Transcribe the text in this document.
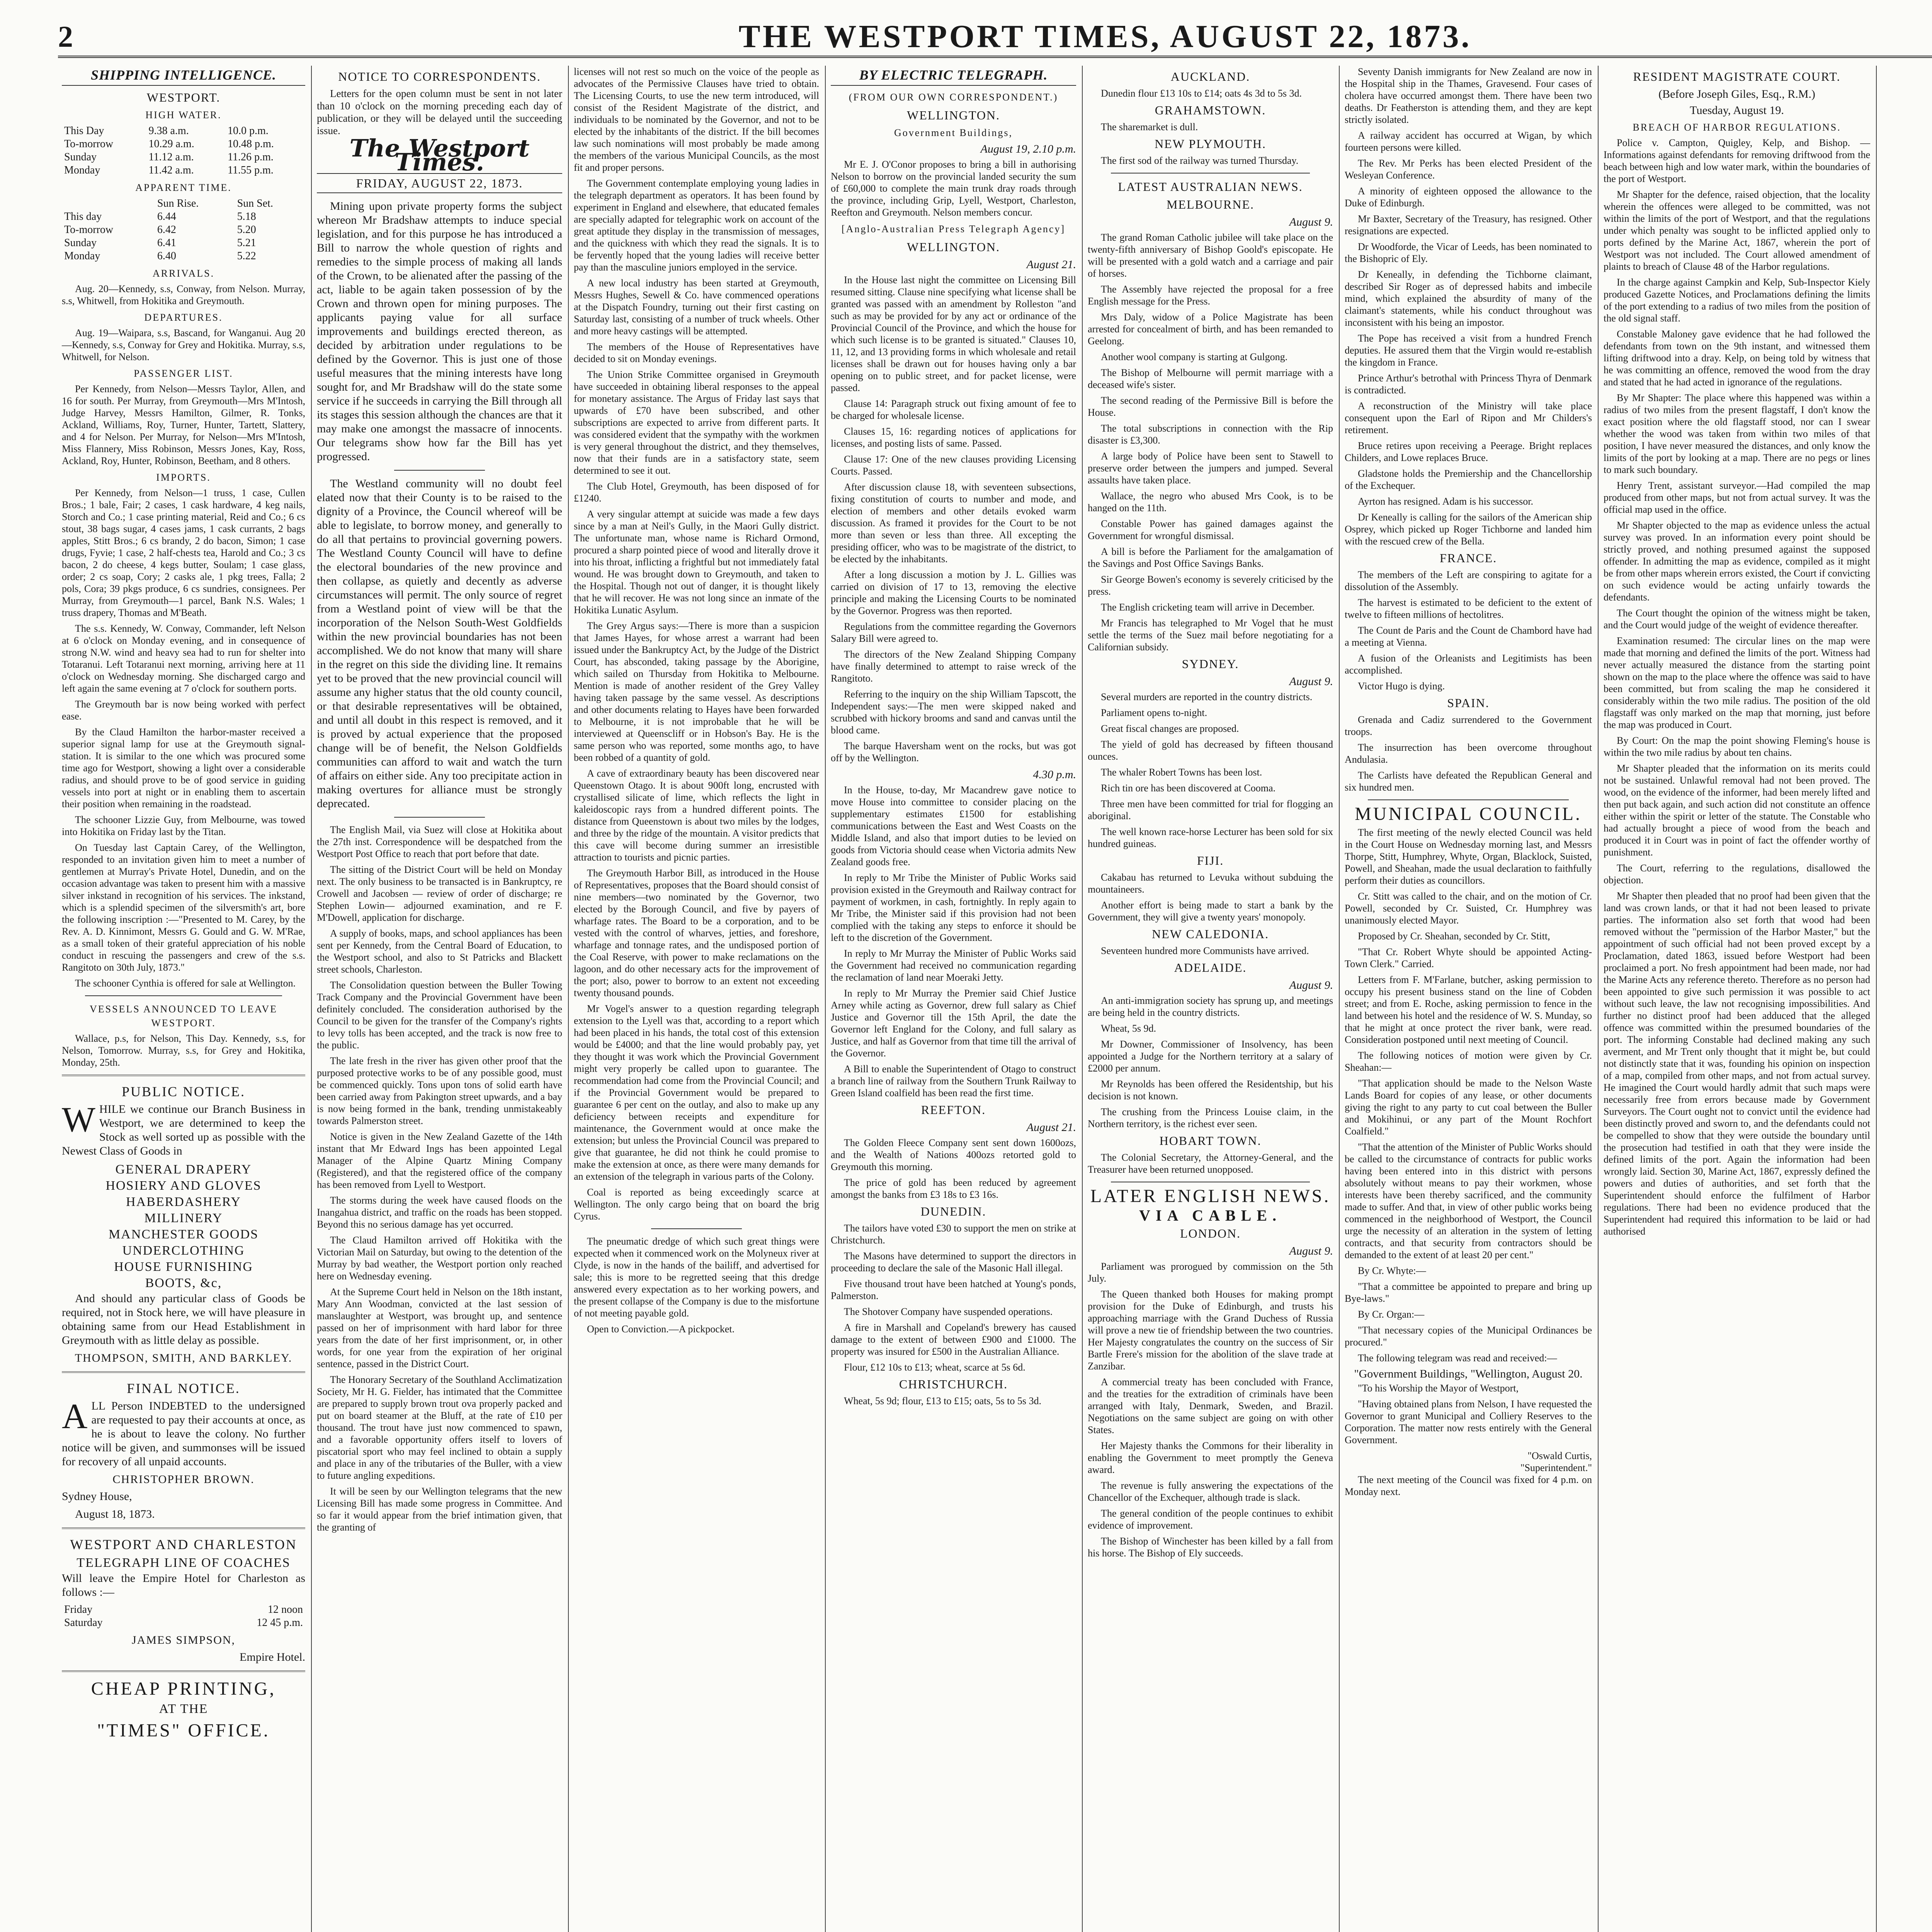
2	THE WESTPORT TIMES, AUGUST 22, 1873.
SHIPPING INTELLIGENCE.
WESTPORT.
HIGH WATER.
This Day	9.38 a.m.	10.0 p.m.
To-morrow	10.29 a.m.	10.48 p.m.
Sunday	11.12 a.m.	11.26 p.m.
Monday	11.42 a.m.	11.55 p.m.
APPARENT TIME.
	Sun Rise.	Sun Set.
This day	6.44	5.18
To-morrow	6.42	5.20
Sunday	6.41	5.21
Monday	6.40	5.22
ARRIVALS.

Aug. 20—Kennedy, s.s, Conway, from Nelson. Murray, s.s, Whitwell, from Hokitika and Greymouth.

DEPARTURES.

Aug. 19—Waipara, s.s, Bascand, for Wanganui. Aug 20—Kennedy, s.s, Conway for Grey and Hokitika. Murray, s.s, Whitwell, for Nelson.

PASSENGER LIST.

Per Kennedy, from Nelson—Messrs Taylor, Allen, and 16 for south. Per Murray, from Greymouth—Mrs M'Intosh, Judge Harvey, Messrs Hamilton, Gilmer, R. Tonks, Ackland, Williams, Roy, Turner, Hunter, Tartett, Slattery, and 4 for Nelson. Per Murray, for Nelson—Mrs M'Intosh, Miss Flannery, Miss Robinson, Messrs Jones, Kay, Ross, Ackland, Roy, Hunter, Robinson, Beetham, and 8 others.

IMPORTS.

Per Kennedy, from Nelson—1 truss, 1 case, Cullen Bros.; 1 bale, Fair; 2 cases, 1 cask hardware, 4 keg nails, Storch and Co.; 1 case printing material, Reid and Co.; 6 cs stout, 38 bags sugar, 4 cases jams, 1 cask currants, 2 bags apples, Stitt Bros.; 6 cs brandy, 2 do bacon, Simon; 1 case drugs, Fyvie; 1 case, 2 half-chests tea, Harold and Co.; 3 cs bacon, 2 do cheese, 4 kegs butter, Soulam; 1 case glass, order; 2 cs soap, Cory; 2 casks ale, 1 pkg trees, Falla; 2 pols, Cora; 39 pkgs produce, 6 cs sundries, consignees. Per Murray, from Greymouth—1 parcel, Bank N.S. Wales; 1 truss drapery, Thomas and M'Beath.

The s.s. Kennedy, W. Conway, Commander, left Nelson at 6 o'clock on Monday evening, and in consequence of strong N.W. wind and heavy sea had to run for shelter into Totaranui. Left Totaranui next morning, arriving here at 11 o'clock on Wednesday morning. She discharged cargo and left again the same evening at 7 o'clock for southern ports.

The Greymouth bar is now being worked with perfect ease.

By the Claud Hamilton the harbor-master received a superior signal lamp for use at the Greymouth signal-station. It is similar to the one which was procured some time ago for Westport, showing a light over a considerable radius, and should prove to be of good service in guiding vessels into port at night or in enabling them to ascertain their position when remaining in the roadstead.

The schooner Lizzie Guy, from Melbourne, was towed into Hokitika on Friday last by the Titan.

On Tuesday last Captain Carey, of the Wellington, responded to an invitation given him to meet a number of gentlemen at Murray's Private Hotel, Dunedin, and on the occasion advantage was taken to present him with a massive silver inkstand in recognition of his services. The inkstand, which is a splendid specimen of the silversmith's art, bore the following inscription :—"Presented to M. Carey, by the Rev. A. D. Kinnimont, Messrs G. Gould and G. W. M'Rae, as a small token of their grateful appreciation of his noble conduct in rescuing the passengers and crew of the s.s. Rangitoto on 30th July, 1873."

The schooner Cynthia is offered for sale at Wellington.

VESSELS ANNOUNCED TO LEAVE WESTPORT.

Wallace, p.s, for Nelson, This Day. Kennedy, s.s, for Nelson, Tomorrow. Murray, s.s, for Grey and Hokitika, Monday, 25th.

PUBLIC NOTICE.

WHILE we continue our Branch Business in Westport, we are determined to keep the Stock as well sorted up as possible with the Newest Class of Goods in

GENERAL DRAPERY
HOSIERY AND GLOVES
HABERDASHERY
MILLINERY
MANCHESTER GOODS
UNDERCLOTHING
HOUSE FURNISHING
BOOTS, &c,

And should any particular class of Goods be required, not in Stock here, we will have pleasure in obtaining same from our Head Establishment in Greymouth with as little delay as possible.

THOMPSON, SMITH, AND BARKLEY.
FINAL NOTICE.

ALL Person INDEBTED to the undersigned are requested to pay their accounts at once, as he is about to leave the colony. No further notice will be given, and summonses will be issued for recovery of all unpaid accounts.

CHRISTOPHER BROWN.

Sydney House,

August 18, 1873.

WESTPORT AND CHARLESTON
TELEGRAPH LINE OF COACHES

Will leave the Empire Hotel for Charleston as follows :—

Friday	12 noon
Saturday	12 45 p.m.
JAMES SIMPSON,
Empire Hotel.
CHEAP PRINTING,
AT THE
"TIMES" OFFICE.
NOTICE TO CORRESPONDENTS.

Letters for the open column must be sent in not later than 10 o'clock on the morning preceding each day of publication, or they will be delayed until the succeeding issue.

The Westport Times.
FRIDAY, AUGUST 22, 1873.

Mining upon private property forms the subject whereon Mr Bradshaw attempts to induce special legislation, and for this purpose he has introduced a Bill to narrow the whole question of rights and remedies to the simple process of making all lands of the Crown, to be alienated after the passing of the act, liable to be again taken possession of by the Crown and thrown open for mining purposes. The applicants paying value for all surface improvements and buildings erected thereon, as decided by arbitration under regulations to be defined by the Governor. This is just one of those useful measures that the mining interests have long sought for, and Mr Bradshaw will do the state some service if he succeeds in carrying the Bill through all its stages this session although the chances are that it may make one amongst the massacre of innocents. Our telegrams show how far the Bill has yet progressed.

The Westland community will no doubt feel elated now that their County is to be raised to the dignity of a Province, the Council whereof will be able to legislate, to borrow money, and generally to do all that pertains to provincial governing powers. The Westland County Council will have to define the electoral boundaries of the new province and then collapse, as quietly and decently as adverse circumstances will permit. The only source of regret from a Westland point of view will be that the incorporation of the Nelson South-West Goldfields within the new provincial boundaries has not been accomplished. We do not know that many will share in the regret on this side the dividing line. It remains yet to be proved that the new provincial council will assume any higher status that the old county council, or that desirable representatives will be obtained, and until all doubt in this respect is removed, and it is proved by actual experience that the proposed change will be of benefit, the Nelson Goldfields communities can afford to wait and watch the turn of affairs on either side. Any too precipitate action in making overtures for alliance must be strongly deprecated.

The English Mail, via Suez will close at Hokitika about the 27th inst. Correspondence will be despatched from the Westport Post Office to reach that port before that date.

The sitting of the District Court will be held on Monday next. The only business to be transacted is in Bankruptcy, re Crowell and Jacobsen — review of order of discharge; re Stephen Lowin— adjourned examination, and re F. M'Dowell, application for discharge.

A supply of books, maps, and school appliances has been sent per Kennedy, from the Central Board of Education, to the Westport school, and also to St Patricks and Blackett street schools, Charleston.

The Consolidation question between the Buller Towing Track Company and the Provincial Government have been definitely concluded. The consideration authorised by the Council to be given for the transfer of the Company's rights to levy tolls has been accepted, and the track is now free to the public.

The late fresh in the river has given other proof that the purposed protective works to be of any possible good, must be commenced quickly. Tons upon tons of solid earth have been carried away from Pakington street upwards, and a bay is now being formed in the bank, trending unmistakeably towards Palmerston street.

Notice is given in the New Zealand Gazette of the 14th instant that Mr Edward Ings has been appointed Legal Manager of the Alpine Quartz Mining Company (Registered), and that the registered office of the company has been removed from Lyell to Westport.

The storms during the week have caused floods on the Inangahua district, and traffic on the roads has been stopped. Beyond this no serious damage has yet occurred.

The Claud Hamilton arrived off Hokitika with the Victorian Mail on Saturday, but owing to the detention of the Murray by bad weather, the Westport portion only reached here on Wednesday evening.

At the Supreme Court held in Nelson on the 18th instant, Mary Ann Woodman, convicted at the last session of manslaughter at Westport, was brought up, and sentence passed on her of imprisonment with hard labor for three years from the date of her first imprisonment, or, in other words, for one year from the expiration of her original sentence, passed in the District Court.

The Honorary Secretary of the Southland Acclimatization Society, Mr H. G. Fielder, has intimated that the Committee are prepared to supply brown trout ova properly packed and put on board steamer at the Bluff, at the rate of £10 per thousand. The trout have just now commenced to spawn, and a favorable opportunity offers itself to lovers of piscatorial sport who may feel inclined to obtain a supply and place in any of the tributaries of the Buller, with a view to future angling expeditions.

It will be seen by our Wellington telegrams that the new Licensing Bill has made some progress in Committee. And so far it would appear from the brief intimation given, that the granting of

licenses will not rest so much on the voice of the people as advocates of the Permissive Clauses have tried to obtain. The Licensing Courts, to use the new term introduced, will consist of the Resident Magistrate of the district, and individuals to be nominated by the Governor, and not to be elected by the inhabitants of the district. If the bill becomes law such nominations will most probably be made among the members of the various Municipal Councils, as the most fit and proper persons.

The Government contemplate employing young ladies in the telegraph department as operators. It has been found by experiment in England and elsewhere, that educated females are specially adapted for telegraphic work on account of the great aptitude they display in the transmission of messages, and the quickness with which they read the signals. It is to be fervently hoped that the young ladies will receive better pay than the masculine juniors employed in the service.

A new local industry has been started at Greymouth, Messrs Hughes, Sewell & Co. have commenced operations at the Dispatch Foundry, turning out their first casting on Saturday last, consisting of a number of truck wheels. Other and more heavy castings will be attempted.

The members of the House of Representatives have decided to sit on Monday evenings.

The Union Strike Committee organised in Greymouth have succeeded in obtaining liberal responses to the appeal for monetary assistance. The Argus of Friday last says that upwards of £70 have been subscribed, and other subscriptions are expected to arrive from different parts. It was considered evident that the sympathy with the workmen is very general throughout the district, and they themselves, now that their funds are in a satisfactory state, seem determined to see it out.

The Club Hotel, Greymouth, has been disposed of for £1240.

A very singular attempt at suicide was made a few days since by a man at Neil's Gully, in the Maori Gully district. The unfortunate man, whose name is Richard Ormond, procured a sharp pointed piece of wood and literally drove it into his throat, inflicting a frightful but not immediately fatal wound. He was brought down to Greymouth, and taken to the Hospital. Though not out of danger, it is thought likely that he will recover. He was not long since an inmate of the Hokitika Lunatic Asylum.

The Grey Argus says:—There is more than a suspicion that James Hayes, for whose arrest a warrant had been issued under the Bankruptcy Act, by the Judge of the District Court, has absconded, taking passage by the Aborigine, which sailed on Thursday from Hokitika to Melbourne. Mention is made of another resident of the Grey Valley having taken passage by the same vessel. As descriptions and other documents relating to Hayes have been forwarded to Melbourne, it is not improbable that he will be interviewed at Queenscliff or in Hobson's Bay. He is the same person who was reported, some months ago, to have been robbed of a quantity of gold.

A cave of extraordinary beauty has been discovered near Queenstown Otago. It is about 900ft long, encrusted with crystallised silicate of lime, which reflects the light in kaleidoscopic rays from a hundred different points. The distance from Queenstown is about two miles by the lodges, and three by the ridge of the mountain. A visitor predicts that this cave will become during summer an irresistible attraction to tourists and picnic parties.

The Greymouth Harbor Bill, as introduced in the House of Representatives, proposes that the Board should consist of nine members—two nominated by the Governor, two elected by the Borough Council, and five by payers of wharfage rates. The Board to be a corporation, and to be vested with the control of wharves, jetties, and foreshore, wharfage and tonnage rates, and the undisposed portion of the Coal Reserve, with power to make reclamations on the lagoon, and do other necessary acts for the improvement of the port; also, power to borrow to an extent not exceeding twenty thousand pounds.

Mr Vogel's answer to a question regarding telegraph extension to the Lyell was that, according to a report which had been placed in his hands, the total cost of this extension would be £4000; and that the line would probably pay, yet they thought it was work which the Provincial Government might very properly be called upon to guarantee. The recommendation had come from the Provincial Council; and if the Provincial Government would be prepared to guarantee 6 per cent on the outlay, and also to make up any deficiency between receipts and expenditure for maintenance, the Government would at once make the extension; but unless the Provincial Council was prepared to give that guarantee, he did not think he could promise to make the extension at once, as there were many demands for an extension of the telegraph in various parts of the Colony.

Coal is reported as being exceedingly scarce at Wellington. The only cargo being that on board the brig Cyrus.

The pneumatic dredge of which such great things were expected when it commenced work on the Molyneux river at Clyde, is now in the hands of the bailiff, and advertised for sale; this is more to be regretted seeing that this dredge answered every expectation as to her working powers, and the present collapse of the Company is due to the misfortune of not meeting payable gold.

Open to Conviction.—A pickpocket.

BY ELECTRIC TELEGRAPH.
(FROM OUR OWN CORRESPONDENT.)
WELLINGTON.
Government Buildings,
August 19, 2.10 p.m.

Mr E. J. O'Conor proposes to bring a bill in authorising Nelson to borrow on the provincial landed security the sum of £60,000 to complete the main trunk dray roads through the province, including Grip, Lyell, Westport, Charleston, Reefton and Greymouth. Nelson members concur.

[Anglo-Australian Press Telegraph Agency]
WELLINGTON.
August 21.

In the House last night the committee on Licensing Bill resumed sitting. Clause nine specifying what license shall be granted was passed with an amendment by Rolleston "and such as may be provided for by any act or ordinance of the Provincial Council of the Province, and which the house for which such license is to be granted is situated." Clauses 10, 11, 12, and 13 providing forms in which wholesale and retail licenses shall be drawn out for houses having only a bar opening on to public street, and for packet license, were passed.

Clause 14: Paragraph struck out fixing amount of fee to be charged for wholesale license.

Clauses 15, 16: regarding notices of applications for licenses, and posting lists of same. Passed.

Clause 17: One of the new clauses providing Licensing Courts. Passed.

After discussion clause 18, with seventeen subsections, fixing constitution of courts to number and mode, and election of members and other details evoked warm discussion. As framed it provides for the Court to be not more than seven or less than three. All excepting the presiding officer, who was to be magistrate of the district, to be elected by the inhabitants.

After a long discussion a motion by J. L. Gillies was carried on division of 17 to 13, removing the elective principle and making the Licensing Courts to be nominated by the Governor. Progress was then reported.

Regulations from the committee regarding the Governors Salary Bill were agreed to.

The directors of the New Zealand Shipping Company have finally determined to attempt to raise wreck of the Rangitoto.

Referring to the inquiry on the ship William Tapscott, the Independent says:—The men were skipped naked and scrubbed with hickory brooms and sand and canvas until the blood came.

The barque Haversham went on the rocks, but was got off by the Wellington.

4.30 p.m.

In the House, to-day, Mr Macandrew gave notice to move House into committee to consider placing on the supplementary estimates £1500 for establishing communications between the East and West Coasts on the Middle Island, and also that import duties to be levied on goods from Victoria should cease when Victoria admits New Zealand goods free.

In reply to Mr Tribe the Minister of Public Works said provision existed in the Greymouth and Railway contract for payment of workmen, in cash, fortnightly. In reply again to Mr Tribe, the Minister said if this provision had not been complied with the taking any steps to enforce it should be left to the discretion of the Government.

In reply to Mr Murray the Minister of Public Works said the Government had received no communication regarding the reclamation of land near Moeraki Jetty.

In reply to Mr Murray the Premier said Chief Justice Arney while acting as Governor, drew full salary as Chief Justice and Governor till the 15th April, the date the Governor left England for the Colony, and full salary as Justice, and half as Governor from that time till the arrival of the Governor.

A Bill to enable the Superintendent of Otago to construct a branch line of railway from the Southern Trunk Railway to Green Island coalfield has been read the first time.

REEFTON.
August 21.

The Golden Fleece Company sent sent down 1600ozs, and the Wealth of Nations 400ozs retorted gold to Greymouth this morning.

The price of gold has been reduced by agreement amongst the banks from £3 18s to £3 16s.

DUNEDIN.

The tailors have voted £30 to support the men on strike at Christchurch.

The Masons have determined to support the directors in proceeding to declare the sale of the Masonic Hall illegal.

Five thousand trout have been hatched at Young's ponds, Palmerston.

The Shotover Company have suspended operations.

A fire in Marshall and Copeland's brewery has caused damage to the extent of between £900 and £1000. The property was insured for £500 in the Australian Alliance.

Flour, £12 10s to £13; wheat, scarce at 5s 6d.

CHRISTCHURCH.

Wheat, 5s 9d; flour, £13 to £15; oats, 5s to 5s 3d.

AUCKLAND.

Dunedin flour £13 10s to £14; oats 4s 3d to 5s 3d.

GRAHAMSTOWN.

The sharemarket is dull.

NEW PLYMOUTH.

The first sod of the railway was turned Thursday.

LATEST AUSTRALIAN NEWS.
MELBOURNE.
August 9.

The grand Roman Catholic jubilee will take place on the twenty-fifth anniversary of Bishop Goold's episcopate. He will be presented with a gold watch and a carriage and pair of horses.

The Assembly have rejected the proposal for a free English message for the Press.

Mrs Daly, widow of a Police Magistrate has been arrested for concealment of birth, and has been remanded to Geelong.

Another wool company is starting at Gulgong.

The Bishop of Melbourne will permit marriage with a deceased wife's sister.

The second reading of the Permissive Bill is before the House.

The total subscriptions in connection with the Rip disaster is £3,300.

A large body of Police have been sent to Stawell to preserve order between the jumpers and jumped. Several assaults have taken place.

Wallace, the negro who abused Mrs Cook, is to be hanged on the 11th.

Constable Power has gained damages against the Government for wrongful dismissal.

A bill is before the Parliament for the amalgamation of the Savings and Post Office Savings Banks.

Sir George Bowen's economy is severely criticised by the press.

The English cricketing team will arrive in December.

Mr Francis has telegraphed to Mr Vogel that he must settle the terms of the Suez mail before negotiating for a Californian subsidy.

SYDNEY.
August 9.

Several murders are reported in the country districts.

Parliament opens to-night.

Great fiscal changes are proposed.

The yield of gold has decreased by fifteen thousand ounces.

The whaler Robert Towns has been lost.

Rich tin ore has been discovered at Cooma.

Three men have been committed for trial for flogging an aboriginal.

The well known race-horse Lecturer has been sold for six hundred guineas.

FIJI.

Cakabau has returned to Levuka without subduing the mountaineers.

Another effort is being made to start a bank by the Government, they will give a twenty years' monopoly.

NEW CALEDONIA.

Seventeen hundred more Communists have arrived.

ADELAIDE.
August 9.

An anti-immigration society has sprung up, and meetings are being held in the country districts.

Wheat, 5s 9d.

Mr Downer, Commissioner of Insolvency, has been appointed a Judge for the Northern territory at a salary of £2000 per annum.

Mr Reynolds has been offered the Residentship, but his decision is not known.

The crushing from the Princess Louise claim, in the Northern territory, is the richest ever seen.

HOBART TOWN.

The Colonial Secretary, the Attorney-General, and the Treasurer have been returned unopposed.

LATER ENGLISH NEWS.
VIA CABLE.
LONDON.
August 9.

Parliament was prorogued by commission on the 5th July.

The Queen thanked both Houses for making prompt provision for the Duke of Edinburgh, and trusts his approaching marriage with the Grand Duchess of Russia will prove a new tie of friendship between the two countries. Her Majesty congratulates the country on the success of Sir Bartle Frere's mission for the abolition of the slave trade at Zanzibar.

A commercial treaty has been concluded with France, and the treaties for the extradition of criminals have been arranged with Italy, Denmark, Sweden, and Brazil. Negotiations on the same subject are going on with other States.

Her Majesty thanks the Commons for their liberality in enabling the Government to meet promptly the Geneva award.

The revenue is fully answering the expectations of the Chancellor of the Exchequer, although trade is slack.

The general condition of the people continues to exhibit evidence of improvement.

The Bishop of Winchester has been killed by a fall from his horse. The Bishop of Ely succeeds.

Seventy Danish immigrants for New Zealand are now in the Hospital ship in the Thames, Gravesend. Four cases of cholera have occurred amongst them. There have been two deaths. Dr Featherston is attending them, and they are kept strictly isolated.

A railway accident has occurred at Wigan, by which fourteen persons were killed.

The Rev. Mr Perks has been elected President of the Wesleyan Conference.

A minority of eighteen opposed the allowance to the Duke of Edinburgh.

Mr Baxter, Secretary of the Treasury, has resigned. Other resignations are expected.

Dr Woodforde, the Vicar of Leeds, has been nominated to the Bishopric of Ely.

Dr Keneally, in defending the Tichborne claimant, described Sir Roger as of depressed habits and imbecile mind, which explained the absurdity of many of the claimant's statements, while his conduct throughout was inconsistent with his being an impostor.

The Pope has received a visit from a hundred French deputies. He assured them that the Virgin would re-establish the kingdom in France.

Prince Arthur's betrothal with Princess Thyra of Denmark is contradicted.

A reconstruction of the Ministry will take place consequent upon the Earl of Ripon and Mr Childers's retirement.

Bruce retires upon receiving a Peerage. Bright replaces Childers, and Lowe replaces Bruce.

Gladstone holds the Premiership and the Chancellorship of the Exchequer.

Ayrton has resigned. Adam is his successor.

Dr Keneally is calling for the sailors of the American ship Osprey, which picked up Roger Tichborne and landed him with the rescued crew of the Bella.

FRANCE.

The members of the Left are conspiring to agitate for a dissolution of the Assembly.

The harvest is estimated to be deficient to the extent of twelve to fifteen millions of hectolitres.

The Count de Paris and the Count de Chambord have had a meeting at Vienna.

A fusion of the Orleanists and Legitimists has been accomplished.

Victor Hugo is dying.

SPAIN.

Grenada and Cadiz surrendered to the Government troops.

The insurrection has been overcome throughout Andulasia.

The Carlists have defeated the Republican General and six hundred men.

MUNICIPAL COUNCIL.

The first meeting of the newly elected Council was held in the Court House on Wednesday morning last, and Messrs Thorpe, Stitt, Humphrey, Whyte, Organ, Blacklock, Suisted, Powell, and Sheahan, made the usual declaration to faithfully perform their duties as councillors.

Cr. Stitt was called to the chair, and on the motion of Cr. Powell, seconded by Cr. Suisted, Cr. Humphrey was unanimously elected Mayor.

Proposed by Cr. Sheahan, seconded by Cr. Stitt,

"That Cr. Robert Whyte should be appointed Acting-Town Clerk." Carried.

Letters from F. M'Farlane, butcher, asking permission to occupy his present business stand on the line of Cobden street; and from E. Roche, asking permission to fence in the land between his hotel and the residence of W. S. Munday, so that he might at once protect the river bank, were read. Consideration postponed until next meeting of Council.

The following notices of motion were given by Cr. Sheahan:—

"That application should be made to the Nelson Waste Lands Board for copies of any lease, or other documents giving the right to any party to cut coal between the Buller and Mokihinui, or any part of the Mount Rochfort Coalfield."

"That the attention of the Minister of Public Works should be called to the circumstance of contracts for public works having been entered into in this district with persons absolutely without means to pay their workmen, whose interests have been thereby sacrificed, and the community made to suffer. And that, in view of other public works being commenced in the neighborhood of Westport, the Council urge the necessity of an alteration in the system of letting contracts, and that security from contractors should be demanded to the extent of at least 20 per cent."

By Cr. Whyte:—

"That a committee be appointed to prepare and bring up Bye-laws."

By Cr. Organ:—

"That necessary copies of the Municipal Ordinances be procured."

The following telegram was read and received:—

"Government Buildings, "Wellington, August 20.

"To his Worship the Mayor of Westport,

"Having obtained plans from Nelson, I have requested the Governor to grant Municipal and Colliery Reserves to the Corporation. The matter now rests entirely with the General Government.

"Oswald Curtis,
"Superintendent."

The next meeting of the Council was fixed for 4 p.m. on Monday next.

RESIDENT MAGISTRATE COURT.
(Before Joseph Giles, Esq., R.M.)
Tuesday, August 19.
BREACH OF HARBOR REGULATIONS.

Police v. Campton, Quigley, Kelp, and Bishop. — Informations against defendants for removing driftwood from the beach between high and low water mark, within the boundaries of the port of Westport.

Mr Shapter for the defence, raised objection, that the locality wherein the offences were alleged to be committed, was not within the limits of the port of Westport, and that the regulations under which penalty was sought to be inflicted applied only to ports defined by the Marine Act, 1867, wherein the port of Westport was not included. The Court allowed amendment of plaints to breach of Clause 48 of the Harbor regulations.

In the charge against Campkin and Kelp, Sub-Inspector Kiely produced Gazette Notices, and Proclamations defining the limits of the port extending to a radius of two miles from the position of the old signal staff.

Constable Maloney gave evidence that he had followed the defendants from town on the 9th instant, and witnessed them lifting driftwood into a dray. Kelp, on being told by witness that he was committing an offence, removed the wood from the dray and stated that he had acted in ignorance of the regulations.

By Mr Shapter: The place where this happened was within a radius of two miles from the present flagstaff, I don't know the exact position where the old flagstaff stood, nor can I swear whether the wood was taken from within two miles of that position, I have never measured the distances, and only know the limits of the port by looking at a map. There are no pegs or lines to mark such boundary.

Henry Trent, assistant surveyor.—Had compiled the map produced from other maps, but not from actual survey. It was the official map used in the office.

Mr Shapter objected to the map as evidence unless the actual survey was proved. In an information every point should be strictly proved, and nothing presumed against the supposed offender. In admitting the map as evidence, compiled as it might be from other maps wherein errors existed, the Court if convicting on such evidence would be acting unfairly towards the defendants.

The Court thought the opinion of the witness might be taken, and the Court would judge of the weight of evidence thereafter.

Examination resumed: The circular lines on the map were made that morning and defined the limits of the port. Witness had never actually measured the distance from the starting point shown on the map to the place where the offence was said to have been committed, but from scaling the map he considered it considerably within the two mile radius. The position of the old flagstaff was only marked on the map that morning, just before the map was produced in Court.

By Court: On the map the point showing Fleming's house is within the two mile radius by about ten chains.

Mr Shapter pleaded that the information on its merits could not be sustained. Unlawful removal had not been proved. The wood, on the evidence of the informer, had been merely lifted and then put back again, and such action did not constitute an offence either within the spirit or letter of the statute. The Constable who had actually brought a piece of wood from the beach and produced it in Court was in point of fact the offender worthy of punishment.

The Court, referring to the regulations, disallowed the objection.

Mr Shapter then pleaded that no proof had been given that the land was crown lands, or that it had not been leased to private parties. The information also set forth that wood had been removed without the "permission of the Harbor Master," but the appointment of such official had not been proved except by a Proclamation, dated 1863, issued before Westport had been proclaimed a port. No fresh appointment had been made, nor had the Marine Acts any reference thereto. Therefore as no person had been appointed to give such permission it was possible to act without such leave, the law not recognising impossibilities. And further no distinct proof had been adduced that the alleged offence was committed within the presumed boundaries of the port. The informing Constable had declined making any such averment, and Mr Trent only thought that it might be, but could not distinctly state that it was, founding his opinion on inspection of a map, compiled from other maps, and not from actual survey. He imagined the Court would hardly admit that such maps were necessarily free from errors because made by Government Surveyors. The Court ought not to convict until the evidence had been distinctly proved and sworn to, and the defendants could not be compelled to show that they were outside the boundary until the prosecution had testified in oath that they were inside the defined limits of the port. Again the information had been wrongly laid. Section 30, Marine Act, 1867, expressly defined the powers and duties of authorities, and set forth that the Superintendent should enforce the fulfilment of Harbor regulations. There had been no evidence produced that the Superintendent had required this information to be laid or had authorised
